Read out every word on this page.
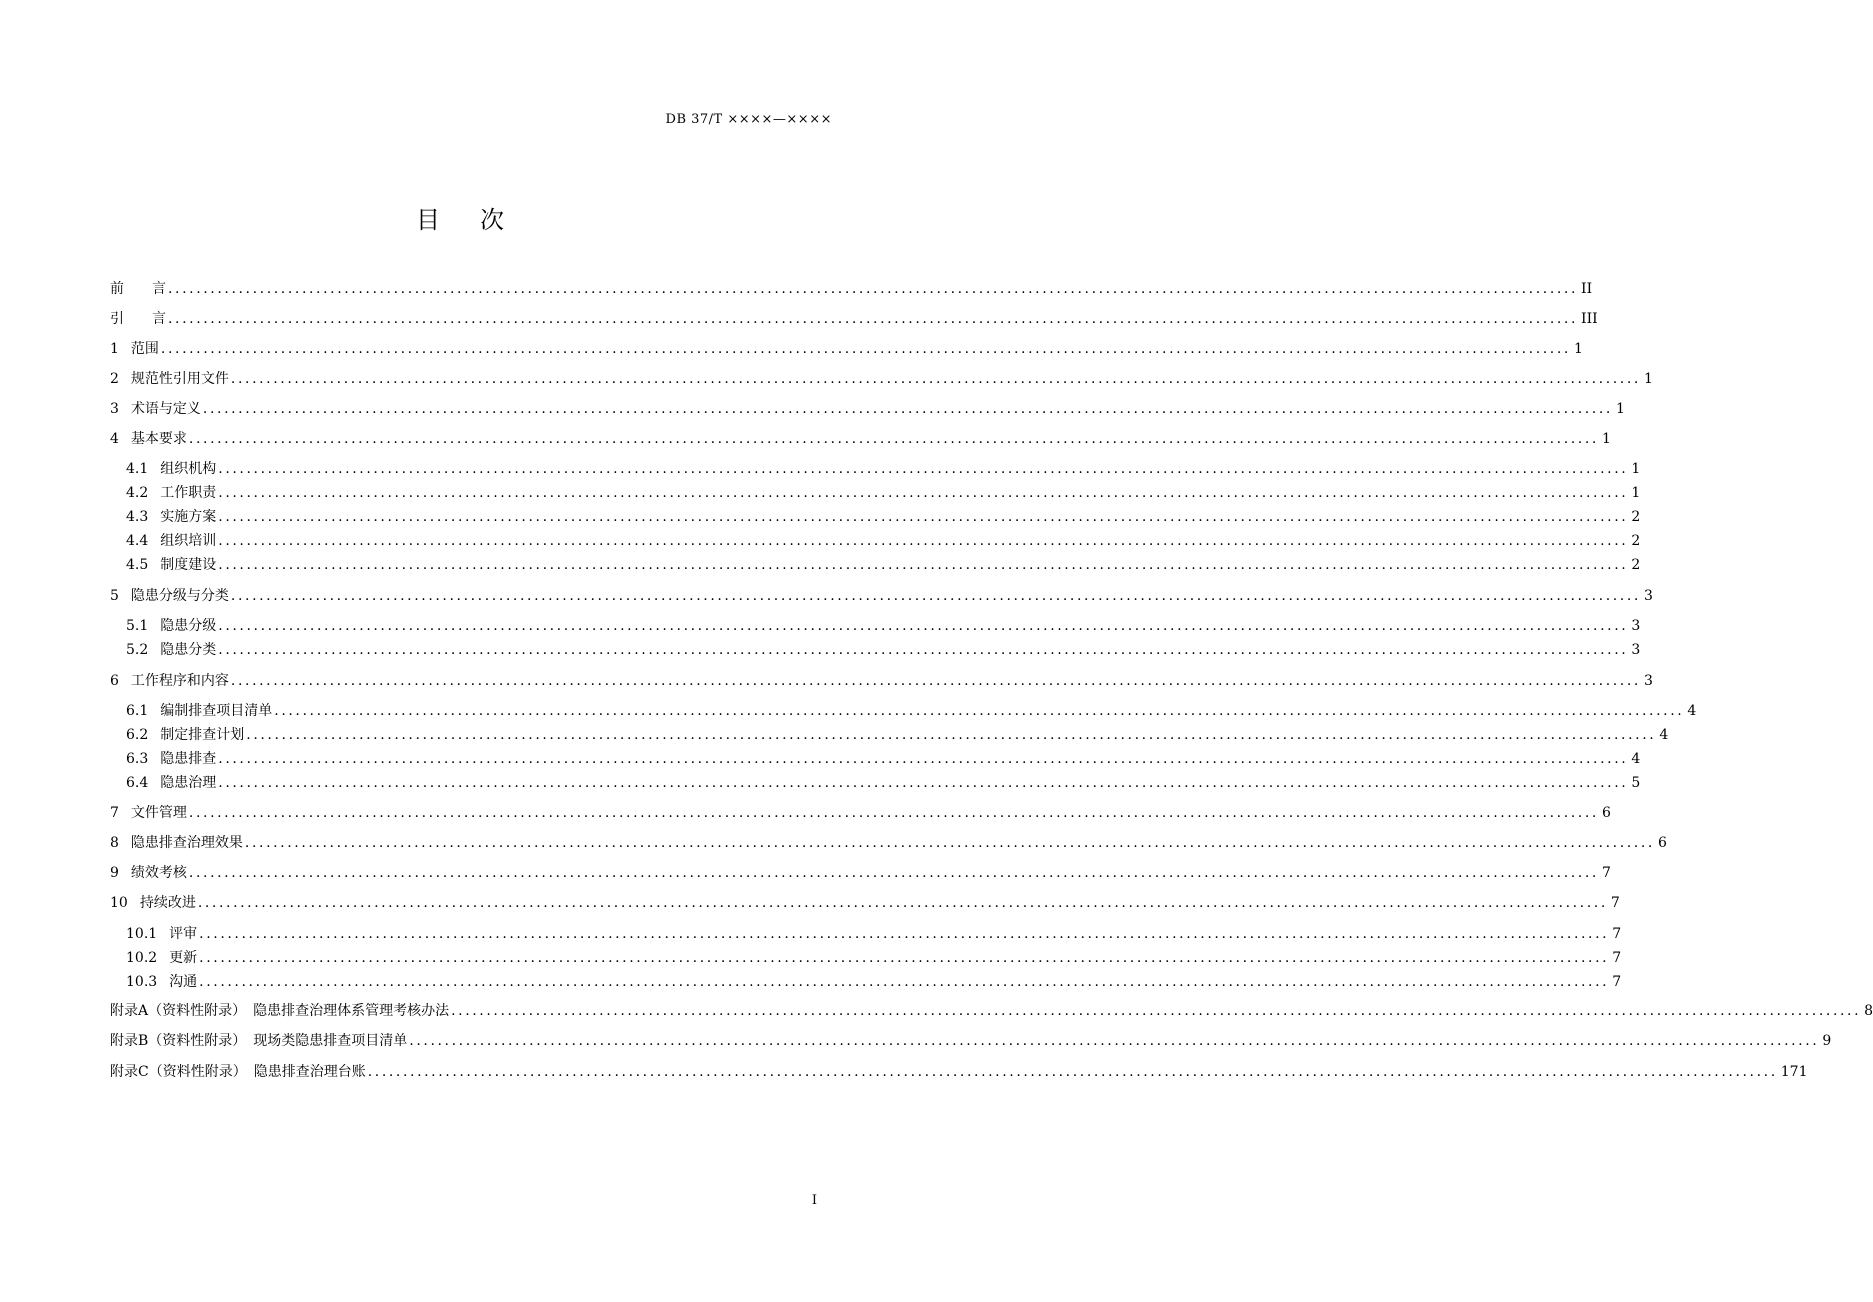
DB 37/T ××××—××××
目次
前　　言 ........................................................................................................................................................................................................ II
引　　言 ........................................................................................................................................................................................................ III
1 范围 ........................................................................................................................................................................................................ 1
2 规范性引用文件 ........................................................................................................................................................................................................ 1
3 术语与定义 ........................................................................................................................................................................................................ 1
4 基本要求 ........................................................................................................................................................................................................ 1
4.1 组织机构 ........................................................................................................................................................................................................ 1
4.2 工作职责 ........................................................................................................................................................................................................ 1
4.3 实施方案 ........................................................................................................................................................................................................ 2
4.4 组织培训 ........................................................................................................................................................................................................ 2
4.5 制度建设 ........................................................................................................................................................................................................ 2
5 隐患分级与分类 ........................................................................................................................................................................................................ 3
5.1 隐患分级 ........................................................................................................................................................................................................ 3
5.2 隐患分类 ........................................................................................................................................................................................................ 3
6 工作程序和内容 ........................................................................................................................................................................................................ 3
6.1 编制排查项目清单 ........................................................................................................................................................................................................ 4
6.2 制定排查计划 ........................................................................................................................................................................................................ 4
6.3 隐患排查 ........................................................................................................................................................................................................ 4
6.4 隐患治理 ........................................................................................................................................................................................................ 5
7 文件管理 ........................................................................................................................................................................................................ 6
8 隐患排查治理效果 ........................................................................................................................................................................................................ 6
9 绩效考核 ........................................................................................................................................................................................................ 7
10 持续改进 ........................................................................................................................................................................................................ 7
10.1 评审 ........................................................................................................................................................................................................ 7
10.2 更新 ........................................................................................................................................................................................................ 7
10.3 沟通 ........................................................................................................................................................................................................ 7
附录A（资料性附录）　隐患排查治理体系管理考核办法 ........................................................................................................................................................................................................ 8
附录B（资料性附录）　现场类隐患排查项目清单 ........................................................................................................................................................................................................ 9
附录C（资料性附录）　隐患排查治理台账 ........................................................................................................................................................................................................ 171
I
